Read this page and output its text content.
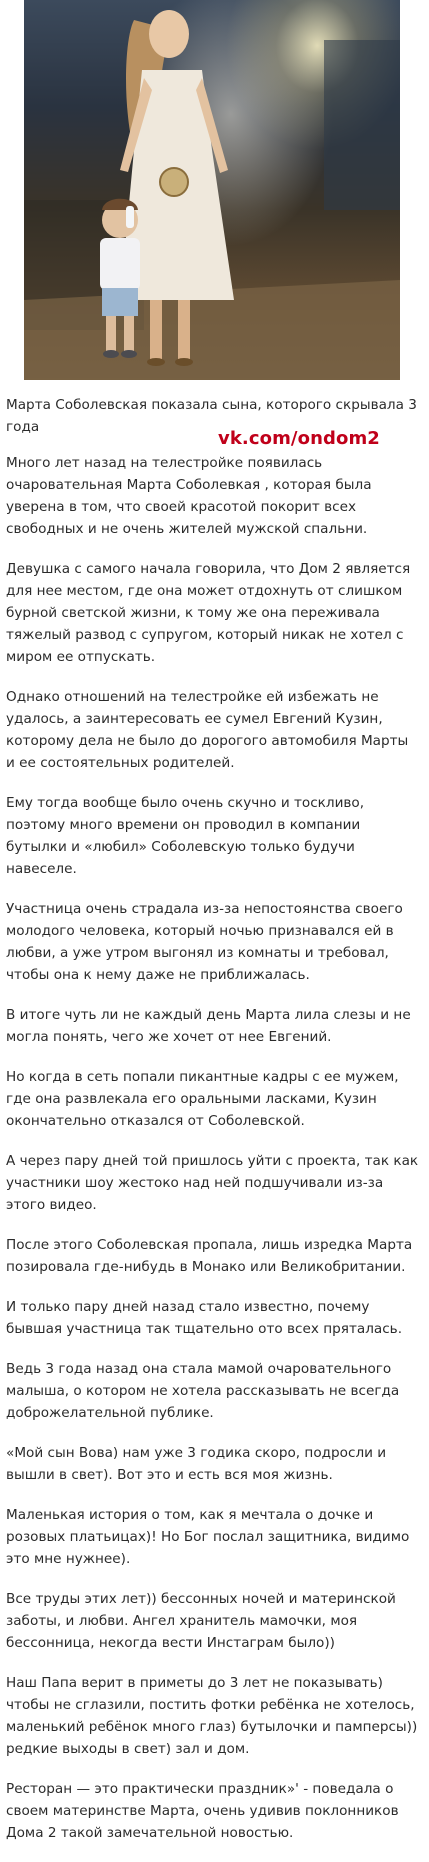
Марта Соболевская показала сына, которого скрывала 3 года
vk.com/ondom2

Много лет назад на телестройке появилась очаровательная Марта Соболевкая , которая была уверена в том, что своей красотой покорит всех свободных и не очень жителей мужской спальни.

Девушка с самого начала говорила, что Дом 2 является для нее местом, где она может отдохнуть от слишком бурной светской жизни, к тому же она переживала тяжелый развод с супругом, который никак не хотел с миром ее отпускать.

Однако отношений на телестройке ей избежать не удалось, а заинтересовать ее сумел Евгений Кузин, которому дела не было до дорогого автомобиля Марты и ее состоятельных родителей.

Ему тогда вообще было очень скучно и тоскливо, поэтому много времени он проводил в компании бутылки и «любил» Соболевскую только будучи навеселе.

Участница очень страдала из-за непостоянства своего молодого человека, который ночью признавался ей в любви, а уже утром выгонял из комнаты и требовал, чтобы она к нему даже не приближалась.

В итоге чуть ли не каждый день Марта лила слезы и не могла понять, чего же хочет от нее Евгений.

Но когда в сеть попали пикантные кадры с ее мужем, где она развлекала его оральными ласками, Кузин окончательно отказался от Соболевской.

А через пару дней той пришлось уйти с проекта, так как участники шоу жестоко над ней подшучивали из-за этого видео.

После этого Соболевская пропала, лишь изредка Марта позировала где-нибудь в Монако или Великобритании.

И только пару дней назад стало известно, почему бывшая участница так тщательно ото всех пряталась.

Ведь 3 года назад она стала мамой очаровательного малыша, о котором не хотела рассказывать не всегда доброжелательной публике.

«Мой сын Вова) нам уже 3 годика скоро, подросли и вышли в свет). Вот это и есть вся моя жизнь.

Маленькая история о том, как я мечтала о дочке и розовых платьицах)! Но Бог послал защитника, видимо это мне нужнее).

Все труды этих лет)) бессонных ночей и материнской заботы, и любви. Ангел хранитель мамочки, моя бессонница, некогда вести Инстаграм было))

Наш Папа верит в приметы до 3 лет не показывать) чтобы не сглазили, постить фотки ребёнка не хотелось, маленький ребёнок много глаз) бутылочки и памперсы)) редкие выходы в свет) зал и дом.

Ресторан — это практически праздник»' - поведала о своем материнстве Марта, очень удивив поклонников Дома 2 такой замечательной новостью.
